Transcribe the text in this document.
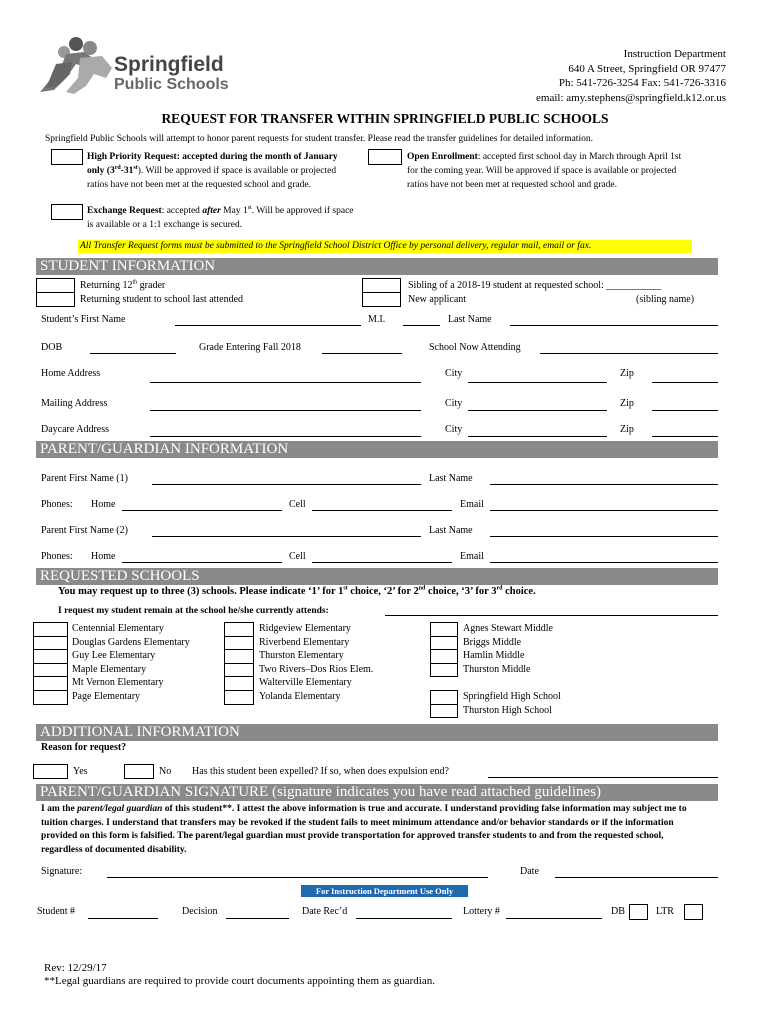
Springfield
Public Schools
Instruction Department
640 A Street, Springfield OR 97477
Ph: 541-726-3254 Fax: 541-726-3316
email: amy.stephens@springfield.k12.or.us
REQUEST FOR TRANSFER WITHIN SPRINGFIELD PUBLIC SCHOOLS
Springfield Public Schools will attempt to honor parent requests for student transfer. Please read the transfer guidelines for detailed information.
High Priority Request: accepted during the month of January only (3rd-31st). Will be approved if space is available or projected ratios have not been met at the requested school and grade.
Exchange Request: accepted after May 1st. Will be approved if space is available or a 1:1 exchange is secured.
Open Enrollment: accepted first school day in March through April 1st for the coming year. Will be approved if space is available or projected ratios have not been met at requested school and grade.
All Transfer Request forms must be submitted to the Springfield School District Office by personal delivery, regular mail, email or fax.
STUDENT INFORMATION
Returning 12th grader
Returning student to school last attended
Sibling of a 2018-19 student at requested school: ___________
New applicant	(sibling name)
Student’s First Name	M.I.	Last Name
DOB	Grade Entering Fall 2018	School Now Attending
Home Address	City	Zip
Mailing Address	City	Zip
Daycare Address	City	Zip
PARENT/GUARDIAN INFORMATION
Parent First Name (1)	Last Name
Phones: Home	Cell	Email
Parent First Name (2)	Last Name
Phones: Home	Cell	Email
REQUESTED SCHOOLS
You may request up to three (3) schools. Please indicate ‘1’ for 1st choice, ‘2’ for 2nd choice, ‘3’ for 3rd choice.
I request my student remain at the school he/she currently attends:
Centennial Elementary
Douglas Gardens Elementary
Guy Lee Elementary
Maple Elementary
Mt Vernon Elementary
Page Elementary
Ridgeview Elementary
Riverbend Elementary
Thurston Elementary
Two Rivers–Dos Rios Elem.
Walterville Elementary
Yolanda Elementary
Agnes Stewart Middle
Briggs Middle
Hamlin Middle
Thurston Middle
Springfield High School
Thurston High School
ADDITIONAL INFORMATION
Reason for request?
Yes	No Has this student been expelled? If so, when does expulsion end?
PARENT/GUARDIAN SIGNATURE (signature indicates you have read attached guidelines)
I am the parent/legal guardian of this student**. I attest the above information is true and accurate. I understand providing false information may subject me to tuition charges. I understand that transfers may be revoked if the student fails to meet minimum attendance and/or behavior standards or if the information provided on this form is falsified. The parent/legal guardian must provide transportation for approved transfer students to and from the requested school, regardless of documented disability.
Signature:	Date
For Instruction Department Use Only
Student #	Decision	Date Rec’d	Lottery #	DB	LTR
Rev: 12/29/17
**Legal guardians are required to provide court documents appointing them as guardian.
